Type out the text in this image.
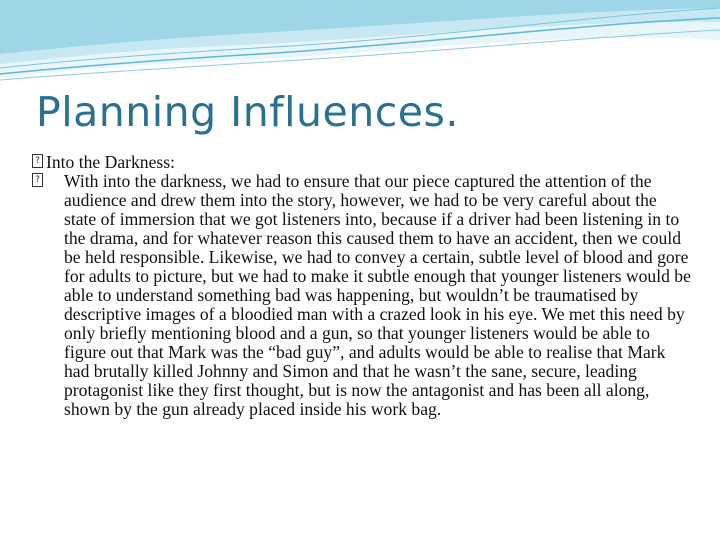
Planning Influences.
? Into the Darkness:
? With into the darkness, we had to ensure that our piece captured the attention of the audience and drew them into the story, however, we had to be very careful about the state of immersion that we got listeners into, because if a driver had been listening in to the drama, and for whatever reason this caused them to have an accident, then we could be held responsible. Likewise, we had to convey a certain, subtle level of blood and gore for adults to picture, but we had to make it subtle enough that younger listeners would be able to understand something bad was happening, but wouldn’t be traumatised by descriptive images of a bloodied man with a crazed look in his eye. We met this need by only briefly mentioning blood and a gun, so that younger listeners would be able to figure out that Mark was the “bad guy”, and adults would be able to realise that Mark had brutally killed Johnny and Simon and that he wasn’t the sane, secure, leading protagonist like they first thought, but is now the antagonist and has been all along, shown by the gun already placed inside his work bag.
